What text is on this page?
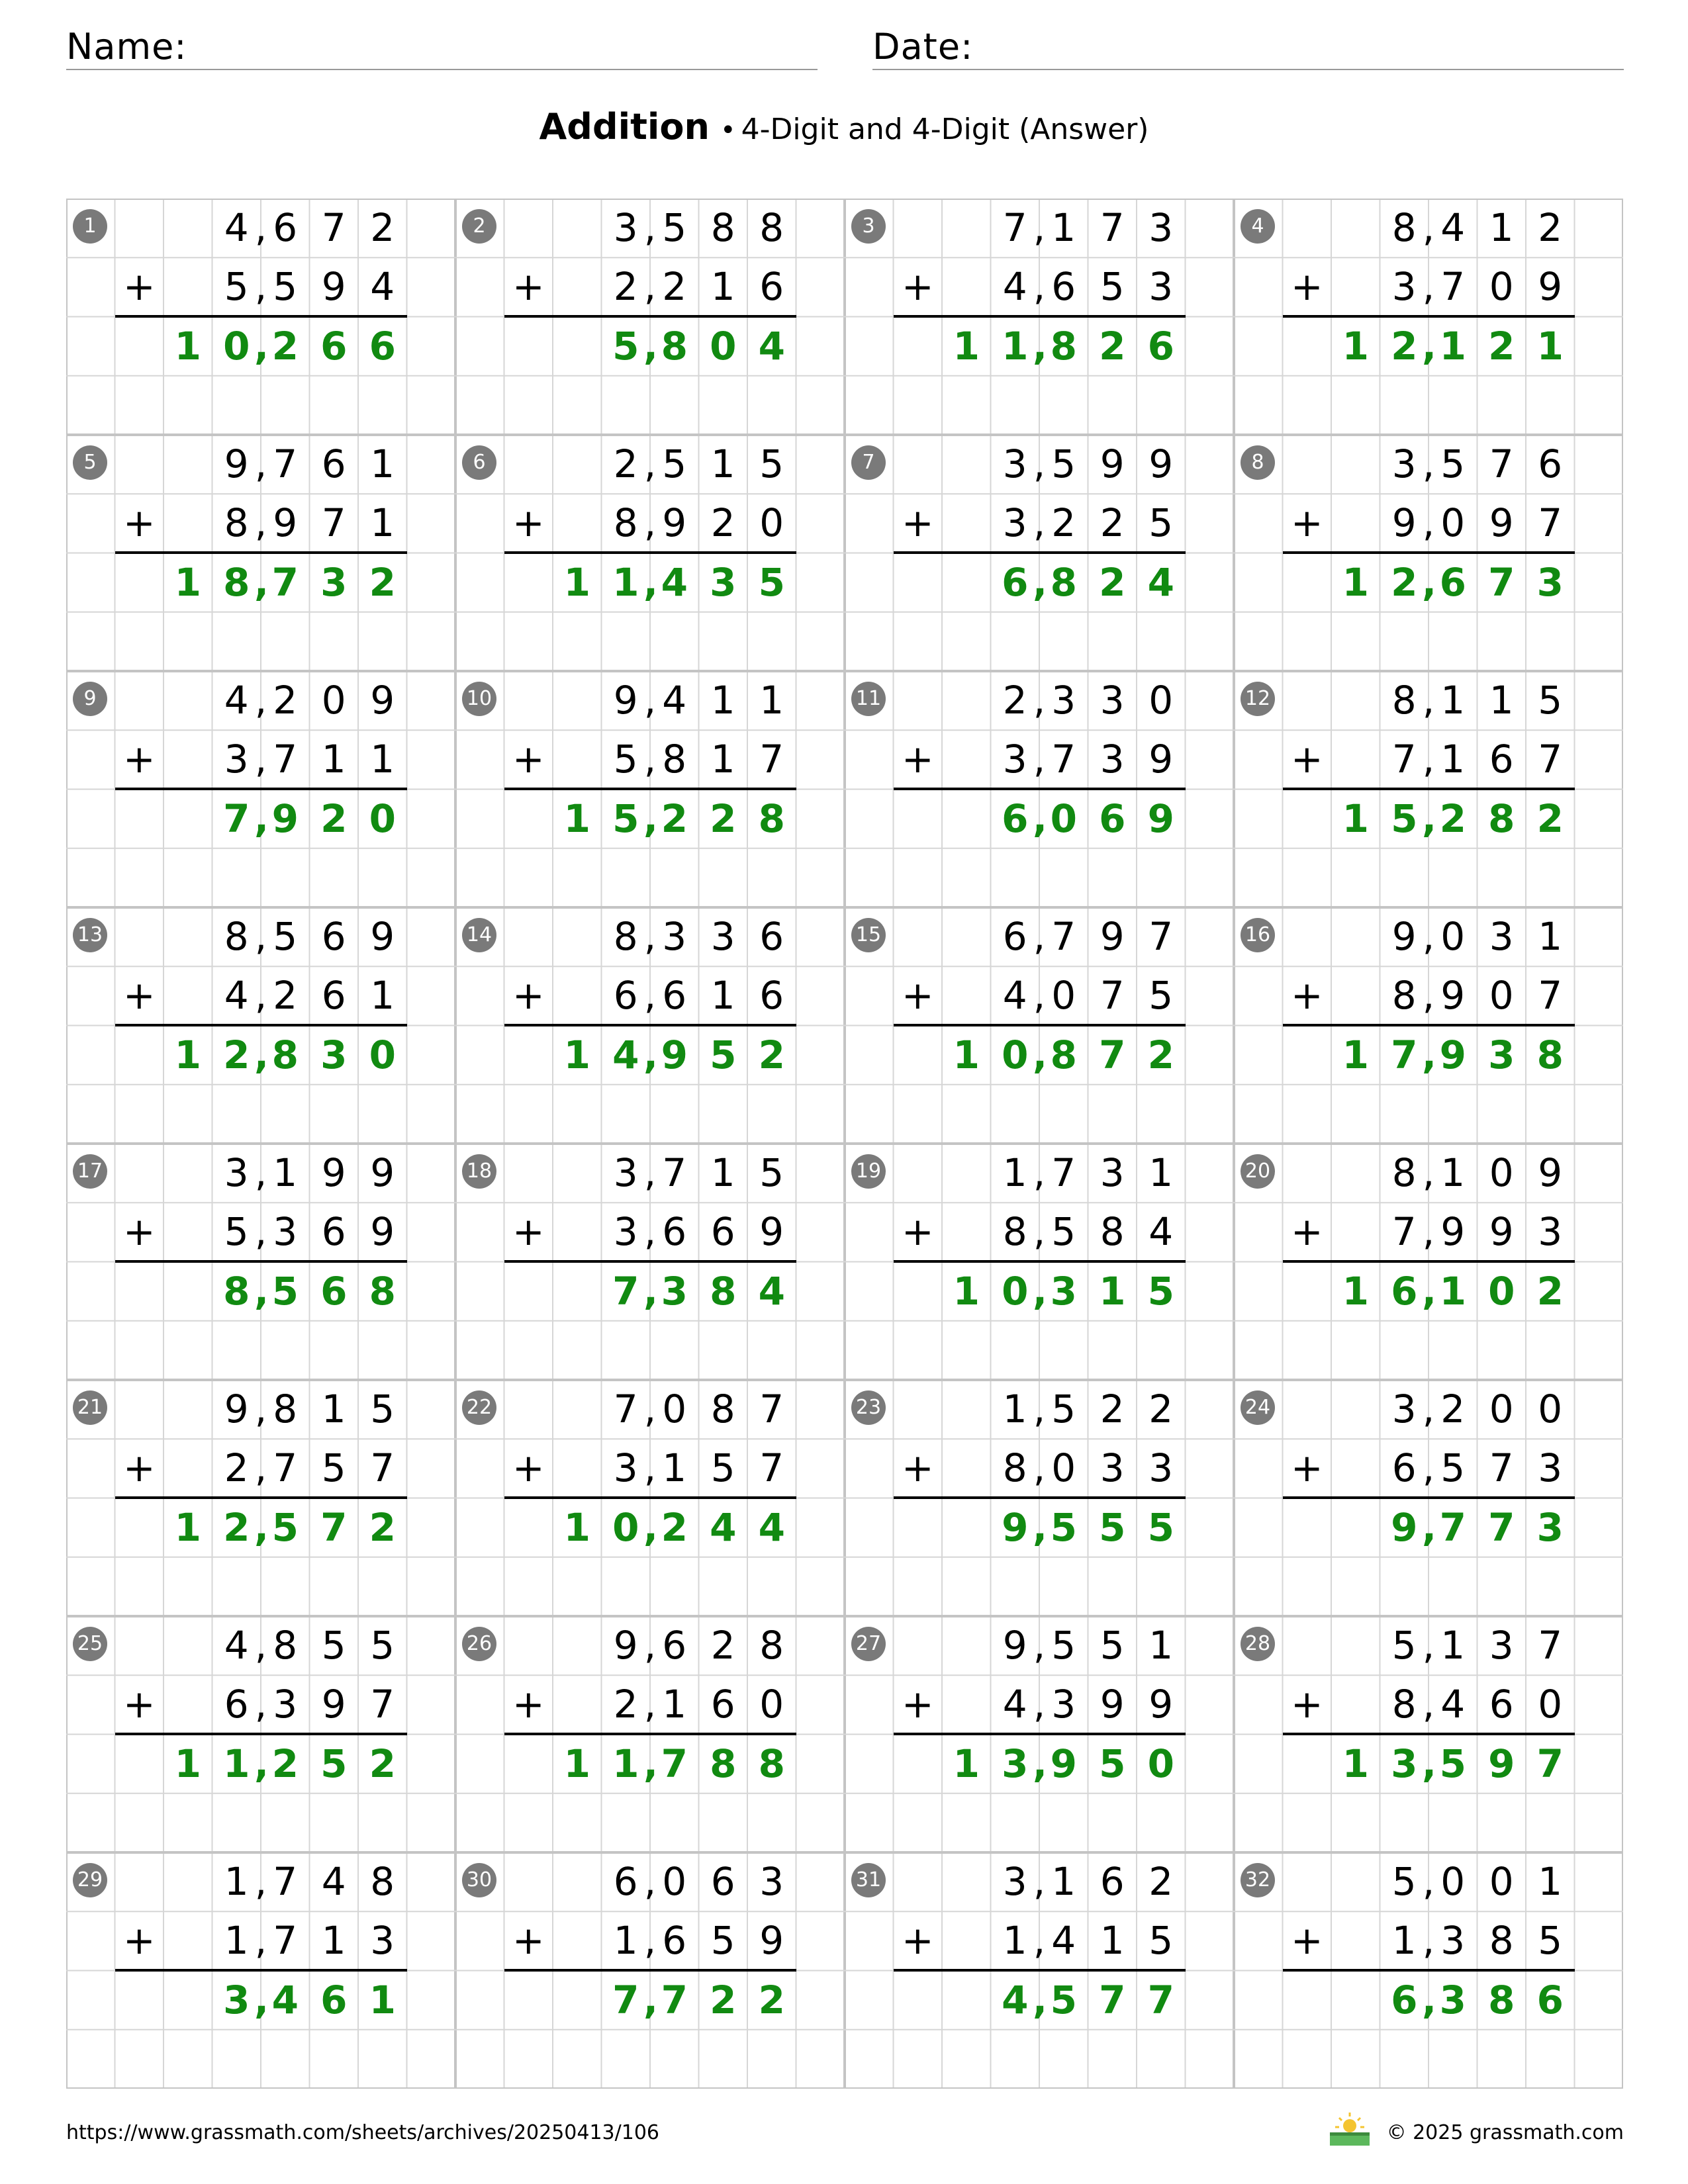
Name:	Date:
Addition • 4-Digit and 4-Digit (Answer)
1	4 , 6 7 2
+	5 , 5 9 4
1 0 , 2 6 6
2	3 , 5 8 8
+	2 , 2 1 6
5 , 8 0 4
3	7 , 1 7 3
+	4 , 6 5 3
1 1 , 8 2 6
4	8 , 4 1 2
+	3 , 7 0 9
1 2 , 1 2 1
5	9 , 7 6 1
+	8 , 9 7 1
1 8 , 7 3 2
6	2 , 5 1 5
+	8 , 9 2 0
1 1 , 4 3 5
7	3 , 5 9 9
+	3 , 2 2 5
6 , 8 2 4
8	3 , 5 7 6
+	9 , 0 9 7
1 2 , 6 7 3
9	4 , 2 0 9
+	3 , 7 1 1
7 , 9 2 0
10	9 , 4 1 1
+	5 , 8 1 7
1 5 , 2 2 8
11	2 , 3 3 0
+	3 , 7 3 9
6 , 0 6 9
12	8 , 1 1 5
+	7 , 1 6 7
1 5 , 2 8 2
13	8 , 5 6 9
+	4 , 2 6 1
1 2 , 8 3 0
14	8 , 3 3 6
+	6 , 6 1 6
1 4 , 9 5 2
15	6 , 7 9 7
+	4 , 0 7 5
1 0 , 8 7 2
16	9 , 0 3 1
+	8 , 9 0 7
1 7 , 9 3 8
17	3 , 1 9 9
+	5 , 3 6 9
8 , 5 6 8
18	3 , 7 1 5
+	3 , 6 6 9
7 , 3 8 4
19	1 , 7 3 1
+	8 , 5 8 4
1 0 , 3 1 5
20	8 , 1 0 9
+	7 , 9 9 3
1 6 , 1 0 2
21	9 , 8 1 5
+	2 , 7 5 7
1 2 , 5 7 2
22	7 , 0 8 7
+	3 , 1 5 7
1 0 , 2 4 4
23	1 , 5 2 2
+	8 , 0 3 3
9 , 5 5 5
24	3 , 2 0 0
+	6 , 5 7 3
9 , 7 7 3
25	4 , 8 5 5
+	6 , 3 9 7
1 1 , 2 5 2
26	9 , 6 2 8
+	2 , 1 6 0
1 1 , 7 8 8
27	9 , 5 5 1
+	4 , 3 9 9
1 3 , 9 5 0
28	5 , 1 3 7
+	8 , 4 6 0
1 3 , 5 9 7
29	1 , 7 4 8
+	1 , 7 1 3
3 , 4 6 1
30	6 , 0 6 3
+	1 , 6 5 9
7 , 7 2 2
31	3 , 1 6 2
+	1 , 4 1 5
4 , 5 7 7
32	5 , 0 0 1
+	1 , 3 8 5
6 , 3 8 6
https://www.grassmath.com/sheets/archives/20250413/106	© 2025 grassmath.com
